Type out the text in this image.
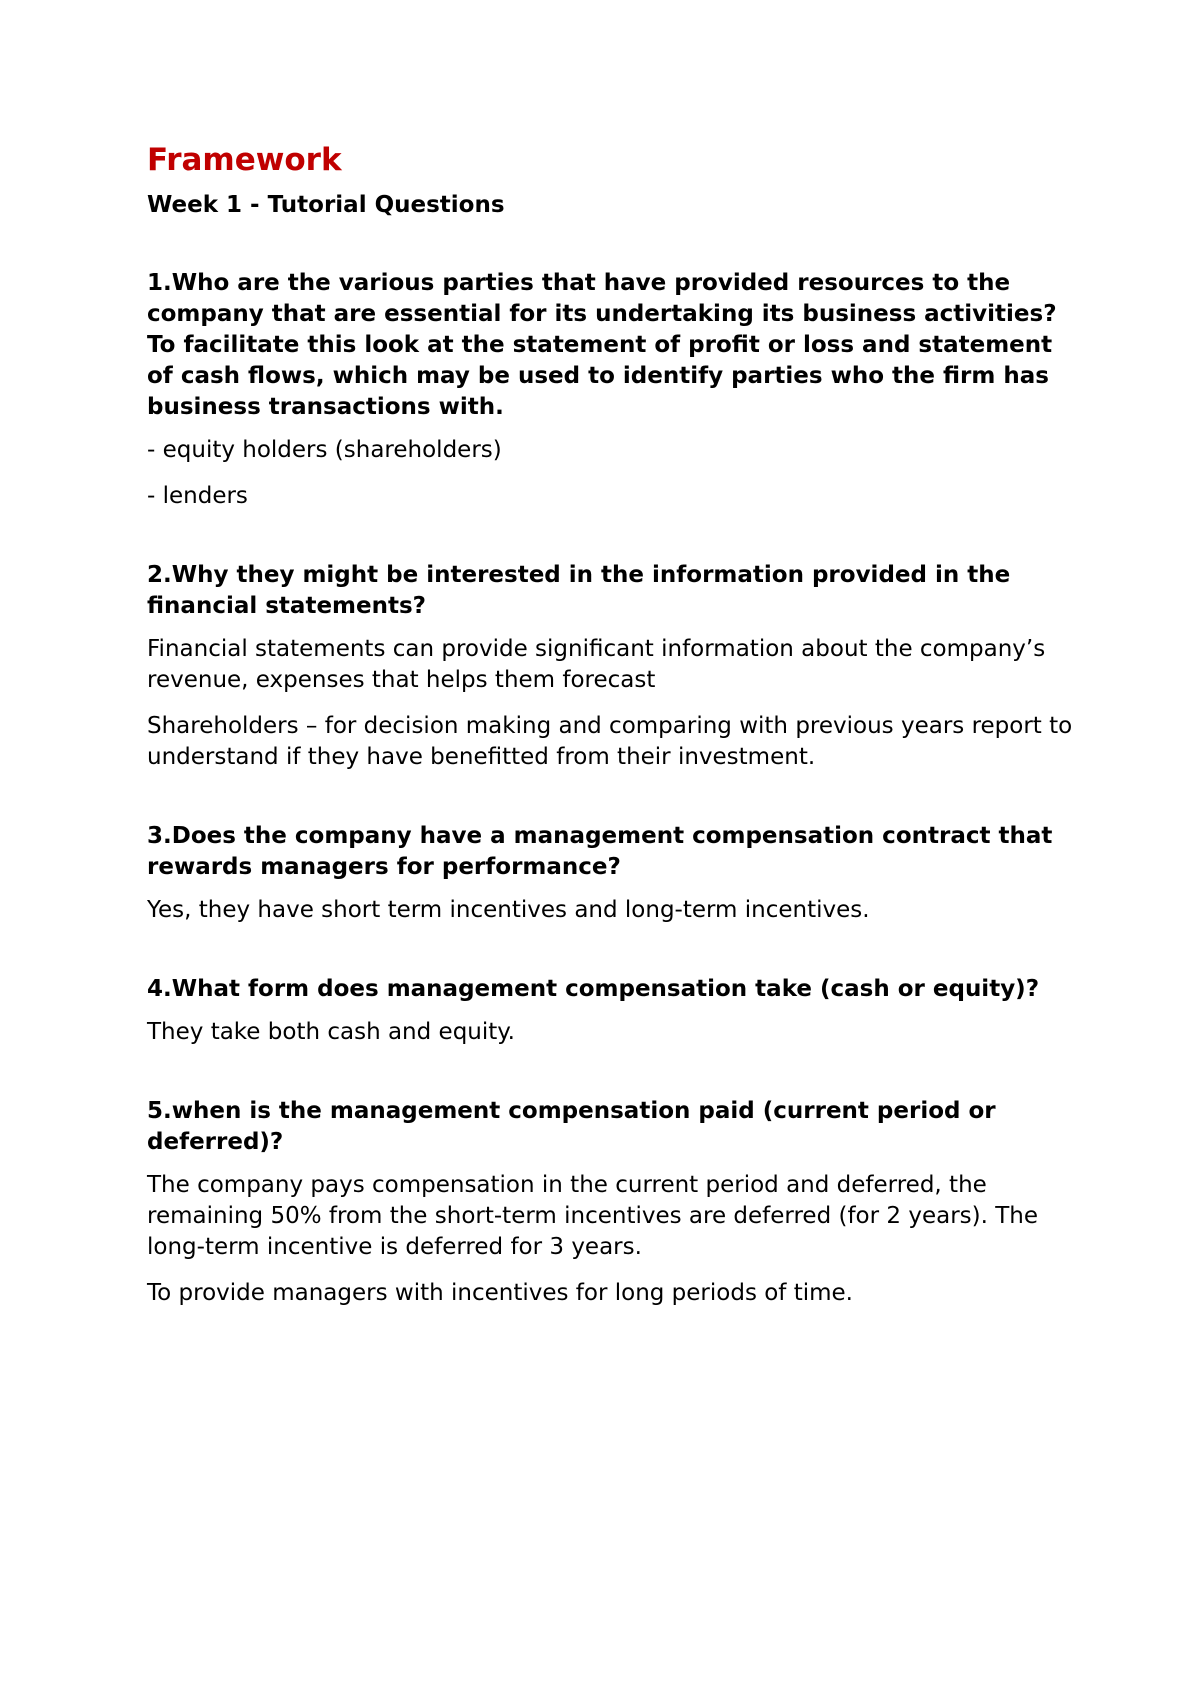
Framework
Week 1 - Tutorial Questions
1.Who are the various parties that have provided resources to the company that are essential for its undertaking its business activities? To facilitate this look at the statement of profit or loss and statement of cash flows, which may be used to identify parties who the firm has business transactions with.
- equity holders (shareholders)
- lenders
2.Why they might be interested in the information provided in the financial statements?
Financial statements can provide significant information about the company’s revenue, expenses that helps them forecast
Shareholders – for decision making and comparing with previous years report to understand if they have benefitted from their investment.
3.Does the company have a management compensation contract that rewards managers for performance?
Yes, they have short term incentives and long-term incentives.
4.What form does management compensation take (cash or equity)?
They take both cash and equity.
5.when is the management compensation paid (current period or deferred)?
The company pays compensation in the current period and deferred, the remaining 50% from the short-term incentives are deferred (for 2 years). The long-term incentive is deferred for 3 years.
To provide managers with incentives for long periods of time.
